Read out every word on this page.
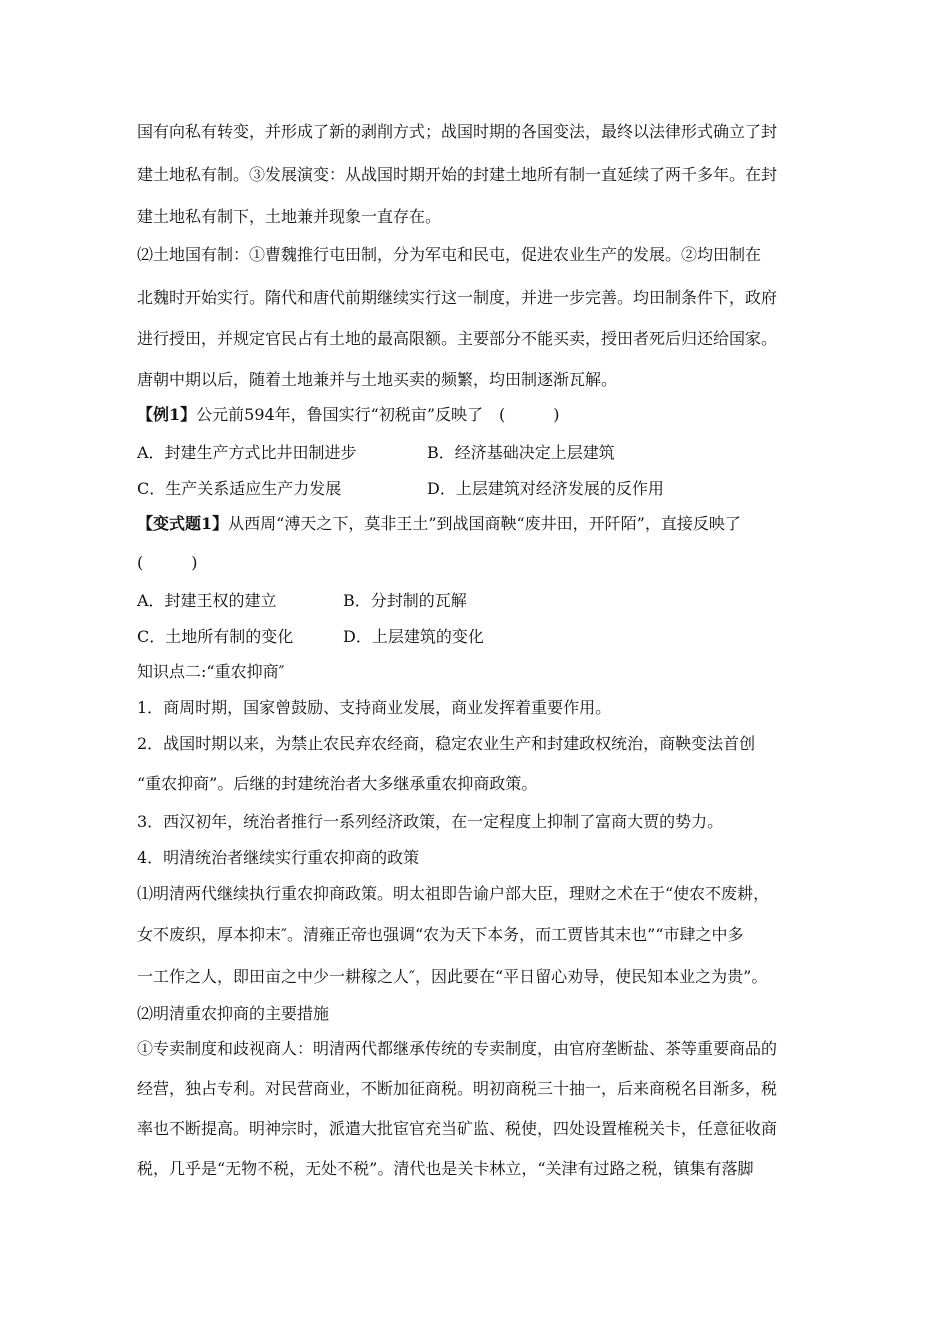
国有向私有转变，并形成了新的剥削方式；战国时期的各国变法，最终以法律形式确立了封
建土地私有制。③发展演变：从战国时期开始的封建土地所有制一直延续了两千多年。在封
建土地私有制下，土地兼并现象一直存在。
⑵土地国有制：①曹魏推行屯田制，分为军屯和民屯，促进农业生产的发展。②均田制在
北魏时开始实行。隋代和唐代前期继续实行这一制度，并进一步完善。均田制条件下，政府
进行授田，并规定官民占有土地的最高限额。主要部分不能买卖，授田者死后归还给国家。
唐朝中期以后，随着土地兼并与土地买卖的频繁，均田制逐渐瓦解。
【例1】公元前594年，鲁国实行“初税亩”反映了　(　　　)
A．封建生产方式比井田制进步	B．经济基础决定上层建筑
C．生产关系适应生产力发展	D．上层建筑对经济发展的反作用
【变式题1】从西周“溥天之下，莫非王土”到战国商鞅“废井田，开阡陌”，直接反映了
(　　　)
A．封建王权的建立	B．分封制的瓦解
C．土地所有制的变化	D．上层建筑的变化
知识点二:“重农抑商″
1．商周时期，国家曾鼓励、支持商业发展，商业发挥着重要作用。
2．战国时期以来，为禁止农民弃农经商，稳定农业生产和封建政权统治，商鞅变法首创
“重农抑商”。后继的封建统治者大多继承重农抑商政策。
3．西汉初年，统治者推行一系列经济政策，在一定程度上抑制了富商大贾的势力。
4．明清统治者继续实行重农抑商的政策
⑴明清两代继续执行重农抑商政策。明太祖即告谕户部大臣，理财之术在于“使农不废耕，
女不废织，厚本抑末″。清雍正帝也强调“农为天下本务，而工贾皆其末也”“市肆之中多
一工作之人，即田亩之中少一耕稼之人″，因此要在“平日留心劝导，使民知本业之为贵”。
⑵明清重农抑商的主要措施
①专卖制度和歧视商人：明清两代都继承传统的专卖制度，由官府垄断盐、茶等重要商品的
经营，独占专利。对民营商业，不断加征商税。明初商税三十抽一，后来商税名目渐多，税
率也不断提高。明神宗时，派遣大批宦官充当矿监、税使，四处设置榷税关卡，任意征收商
税，几乎是“无物不税，无处不税”。清代也是关卡林立，“关津有过路之税，镇集有落脚
